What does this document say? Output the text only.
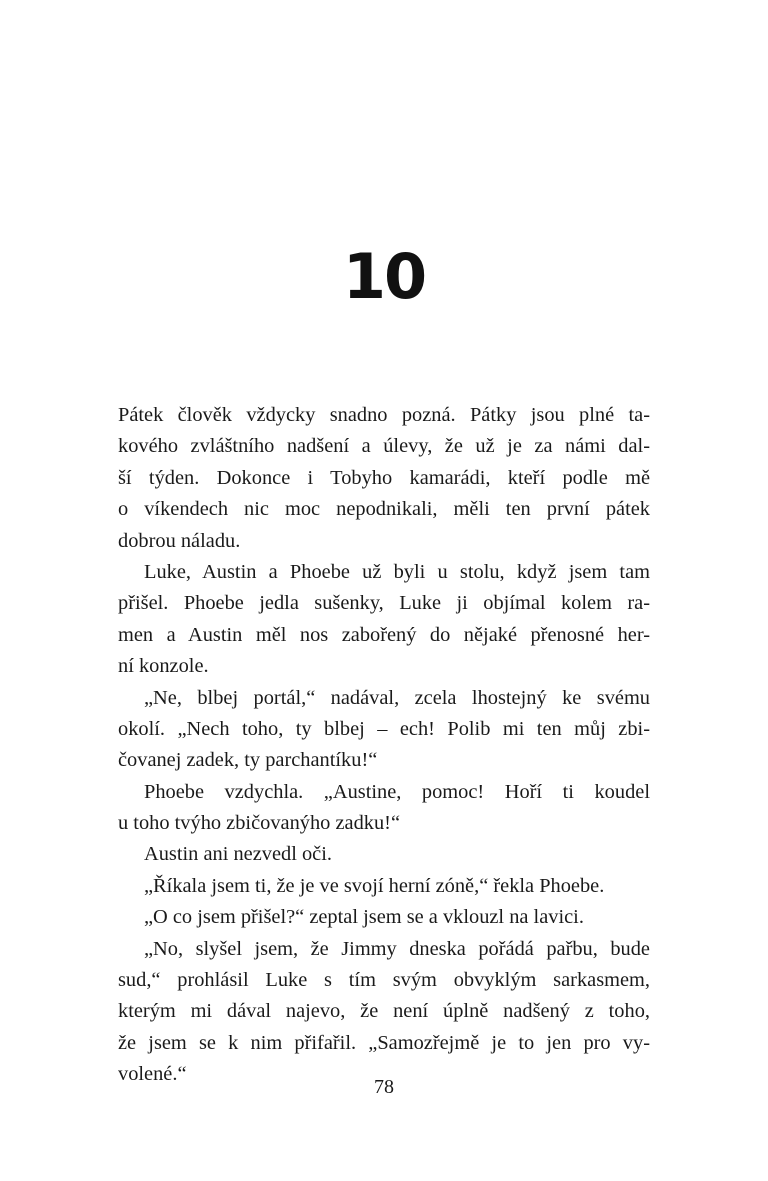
10
Pátek člověk vždycky snadno pozná. Pátky jsou plné ta-
kového zvláštního nadšení a úlevy, že už je za námi dal-
ší týden. Dokonce i Tobyho kamarádi, kteří podle mě
o víkendech nic moc nepodnikali, měli ten první pátek
dobrou náladu.
Luke, Austin a Phoebe už byli u stolu, když jsem tam
přišel. Phoebe jedla sušenky, Luke ji objímal kolem ra-
men a Austin měl nos zabořený do nějaké přenosné her-
ní konzole.
„Ne, blbej portál,“ nadával, zcela lhostejný ke svému
okolí. „Nech toho, ty blbej – ech! Polib mi ten můj zbi-
čovanej zadek, ty parchantíku!“
Phoebe vzdychla. „Austine, pomoc! Hoří ti koudel
u toho tvýho zbičovanýho zadku!“
Austin ani nezvedl oči.
„Říkala jsem ti, že je ve svojí herní zóně,“ řekla Phoebe.
„O co jsem přišel?“ zeptal jsem se a vklouzl na lavici.
„No, slyšel jsem, že Jimmy dneska pořádá pařbu, bude
sud,“ prohlásil Luke s tím svým obvyklým sarkasmem,
kterým mi dával najevo, že není úplně nadšený z toho,
že jsem se k nim přifařil. „Samozřejmě je to jen pro vy-
volené.“
78
